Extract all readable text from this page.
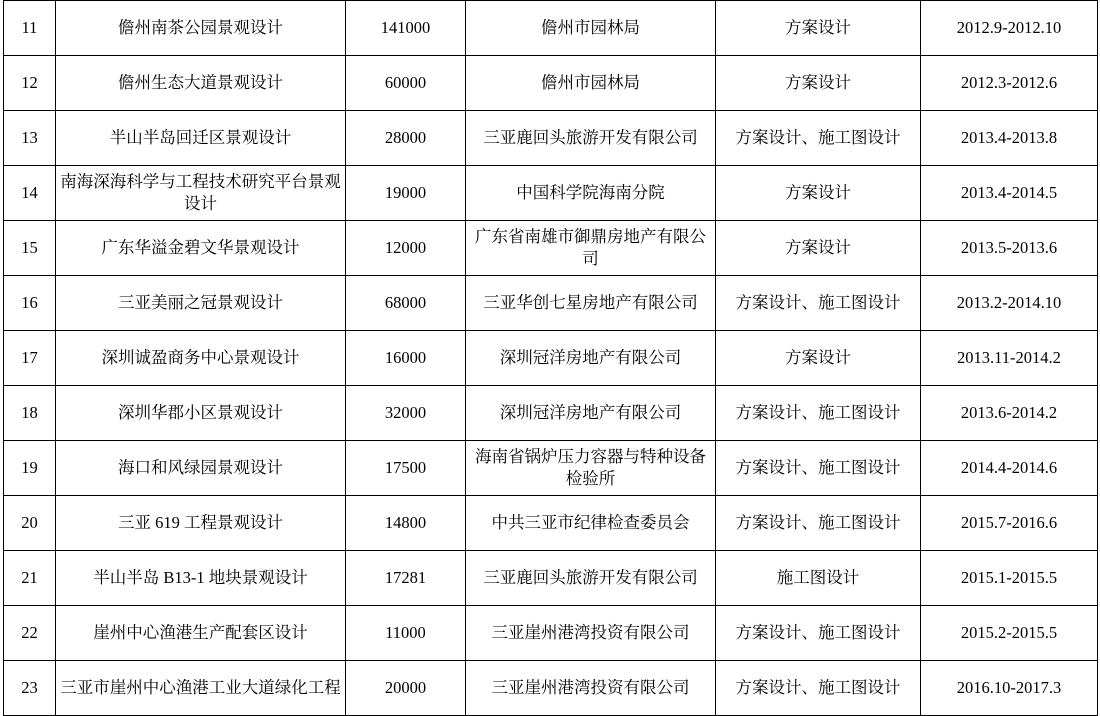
11	儋州南茶公园景观设计	141000	儋州市园林局	方案设计	2012.9-2012.10
12	儋州生态大道景观设计	60000	儋州市园林局	方案设计	2012.3-2012.6
13	半山半岛回迁区景观设计	28000	三亚鹿回头旅游开发有限公司	方案设计、施工图设计	2013.4-2013.8
14	南海深海科学与工程技术研究平台景观设计	19000	中国科学院海南分院	方案设计	2013.4-2014.5
15	广东华溢金碧文华景观设计	12000	广东省南雄市御鼎房地产有限公司	方案设计	2013.5-2013.6
16	三亚美丽之冠景观设计	68000	三亚华创七星房地产有限公司	方案设计、施工图设计	2013.2-2014.10
17	深圳诚盈商务中心景观设计	16000	深圳冠洋房地产有限公司	方案设计	2013.11-2014.2
18	深圳华郡小区景观设计	32000	深圳冠洋房地产有限公司	方案设计、施工图设计	2013.6-2014.2
19	海口和风绿园景观设计	17500	海南省锅炉压力容器与特种设备检验所	方案设计、施工图设计	2014.4-2014.6
20	三亚 619 工程景观设计	14800	中共三亚市纪律检查委员会	方案设计、施工图设计	2015.7-2016.6
21	半山半岛 B13-1 地块景观设计	17281	三亚鹿回头旅游开发有限公司	施工图设计	2015.1-2015.5
22	崖州中心渔港生产配套区设计	11000	三亚崖州港湾投资有限公司	方案设计、施工图设计	2015.2-2015.5
23	三亚市崖州中心渔港工业大道绿化工程	20000	三亚崖州港湾投资有限公司	方案设计、施工图设计	2016.10-2017.3
